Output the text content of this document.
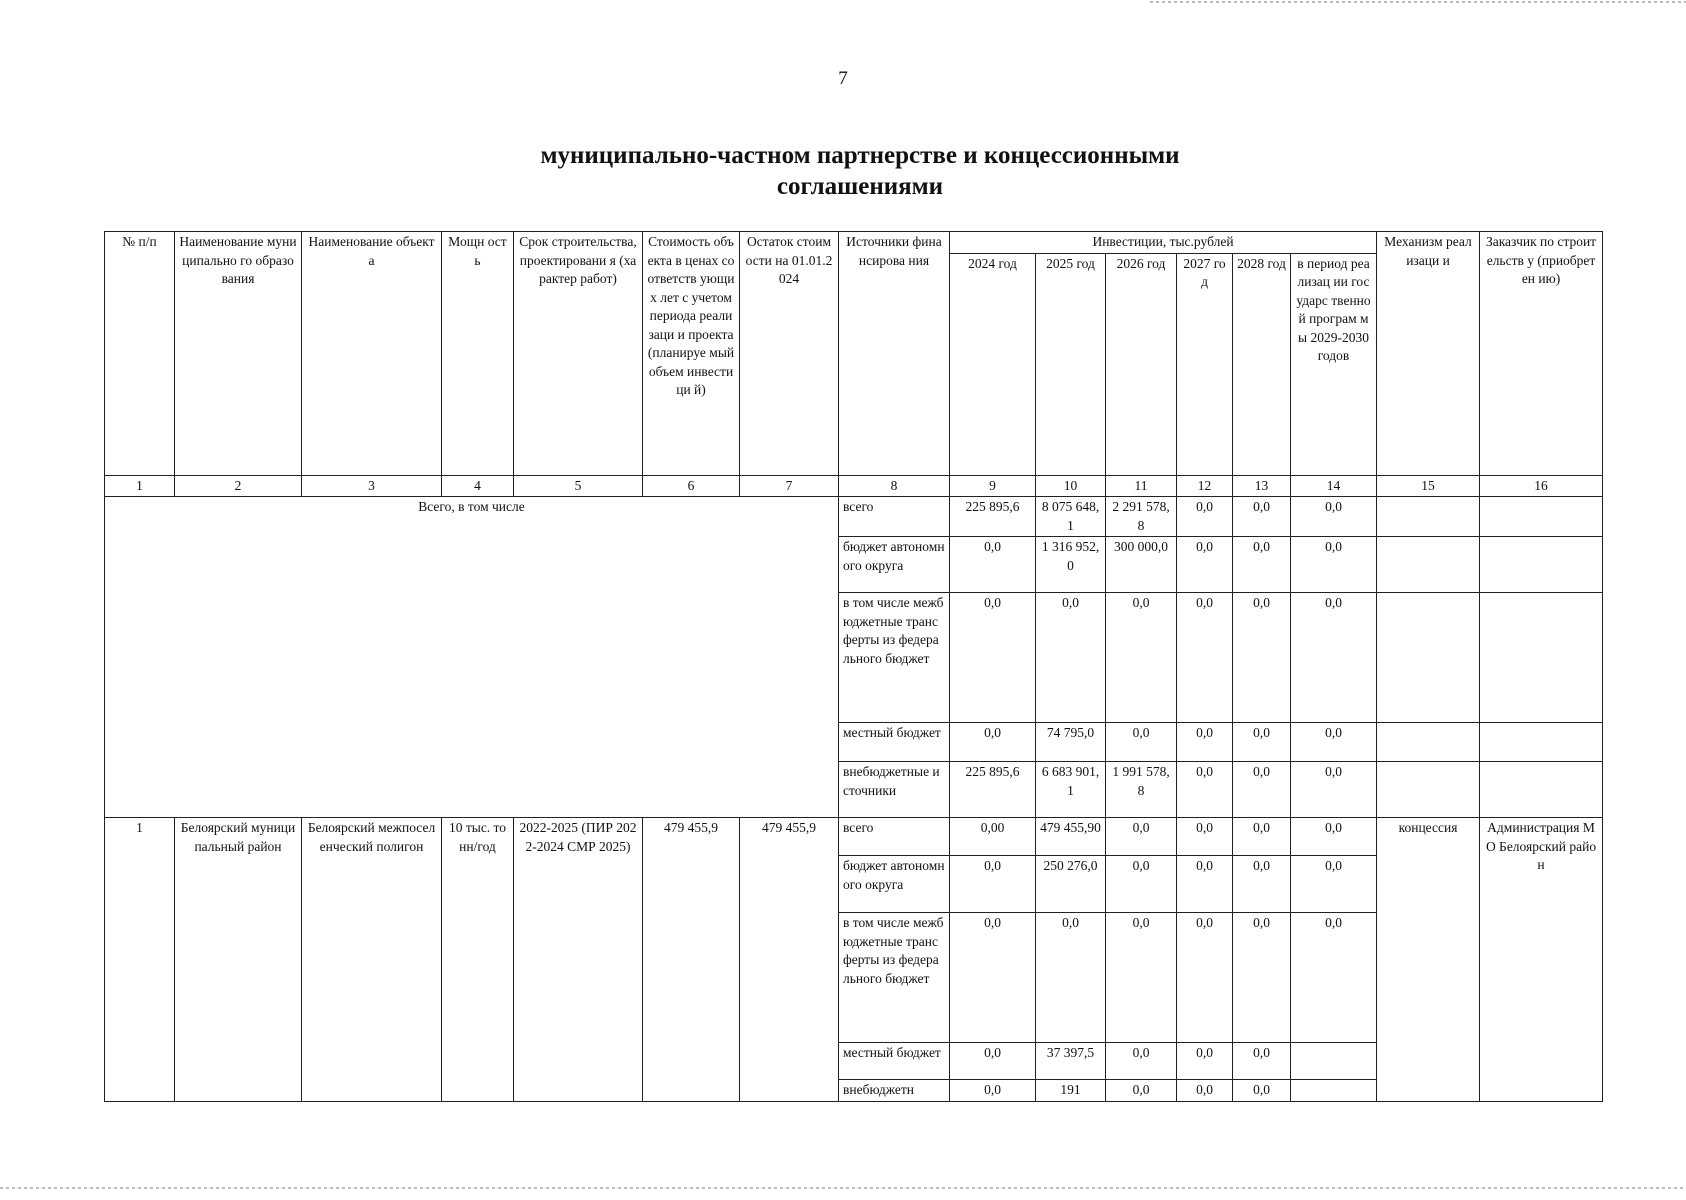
7
муниципально-частном партнерстве и концессионными
соглашениями
№ п/п	Наименование муниципально го образования	Наименование объекта	Мощн ость	Срок строительства, проектировани я (характер работ)	Стоимость объекта в ценах соответств ующих лет с учетом периода реализаци и проекта (планируе мый объем инвестици й)	Остаток стоимости на 01.01.2024	Источники финансирова ния	Инвестиции, тыс.рублей						Механизм реализаци и	Заказчик по строительств у (приобретен ию)
								2024 год	2025 год	2026 год	2027 год	2028 год	в период реализац ии государс твенной програм мы 2029-2030 годов		
1	2	3	4	5	6	7	8	9	10	11	12	13	14	15	16
Всего, в том числе							всего	225 895,6	8 075 648,1	2 291 578,8	0,0	0,0	0,0		
							бюджет автономного округа	0,0	1 316 952,0	300 000,0	0,0	0,0	0,0		
							в том числе межбюджетные трансферты из федерального бюджет	0,0	0,0	0,0	0,0	0,0	0,0		
							местный бюджет	0,0	74 795,0	0,0	0,0	0,0	0,0		
							внебюджетные источники	225 895,6	6 683 901,1	1 991 578,8	0,0	0,0	0,0		
1	Белоярский муниципальный район	Белоярский межпоселенческий полигон	10 тыс. тонн/год	2022-2025 (ПИР 2022-2024 СМР 2025)	479 455,9	479 455,9	всего	0,00	479 455,90	0,0	0,0	0,0	0,0	концессия	Администрация МО Белоярский район
							бюджет автономного округа	0,0	250 276,0	0,0	0,0	0,0	0,0		
							в том числе межбюджетные трансферты из федерального бюджет	0,0	0,0	0,0	0,0	0,0	0,0		
							местный бюджет	0,0	37 397,5	0,0	0,0	0,0			
							внебюджетн	0,0	191	0,0	0,0	0,0			
